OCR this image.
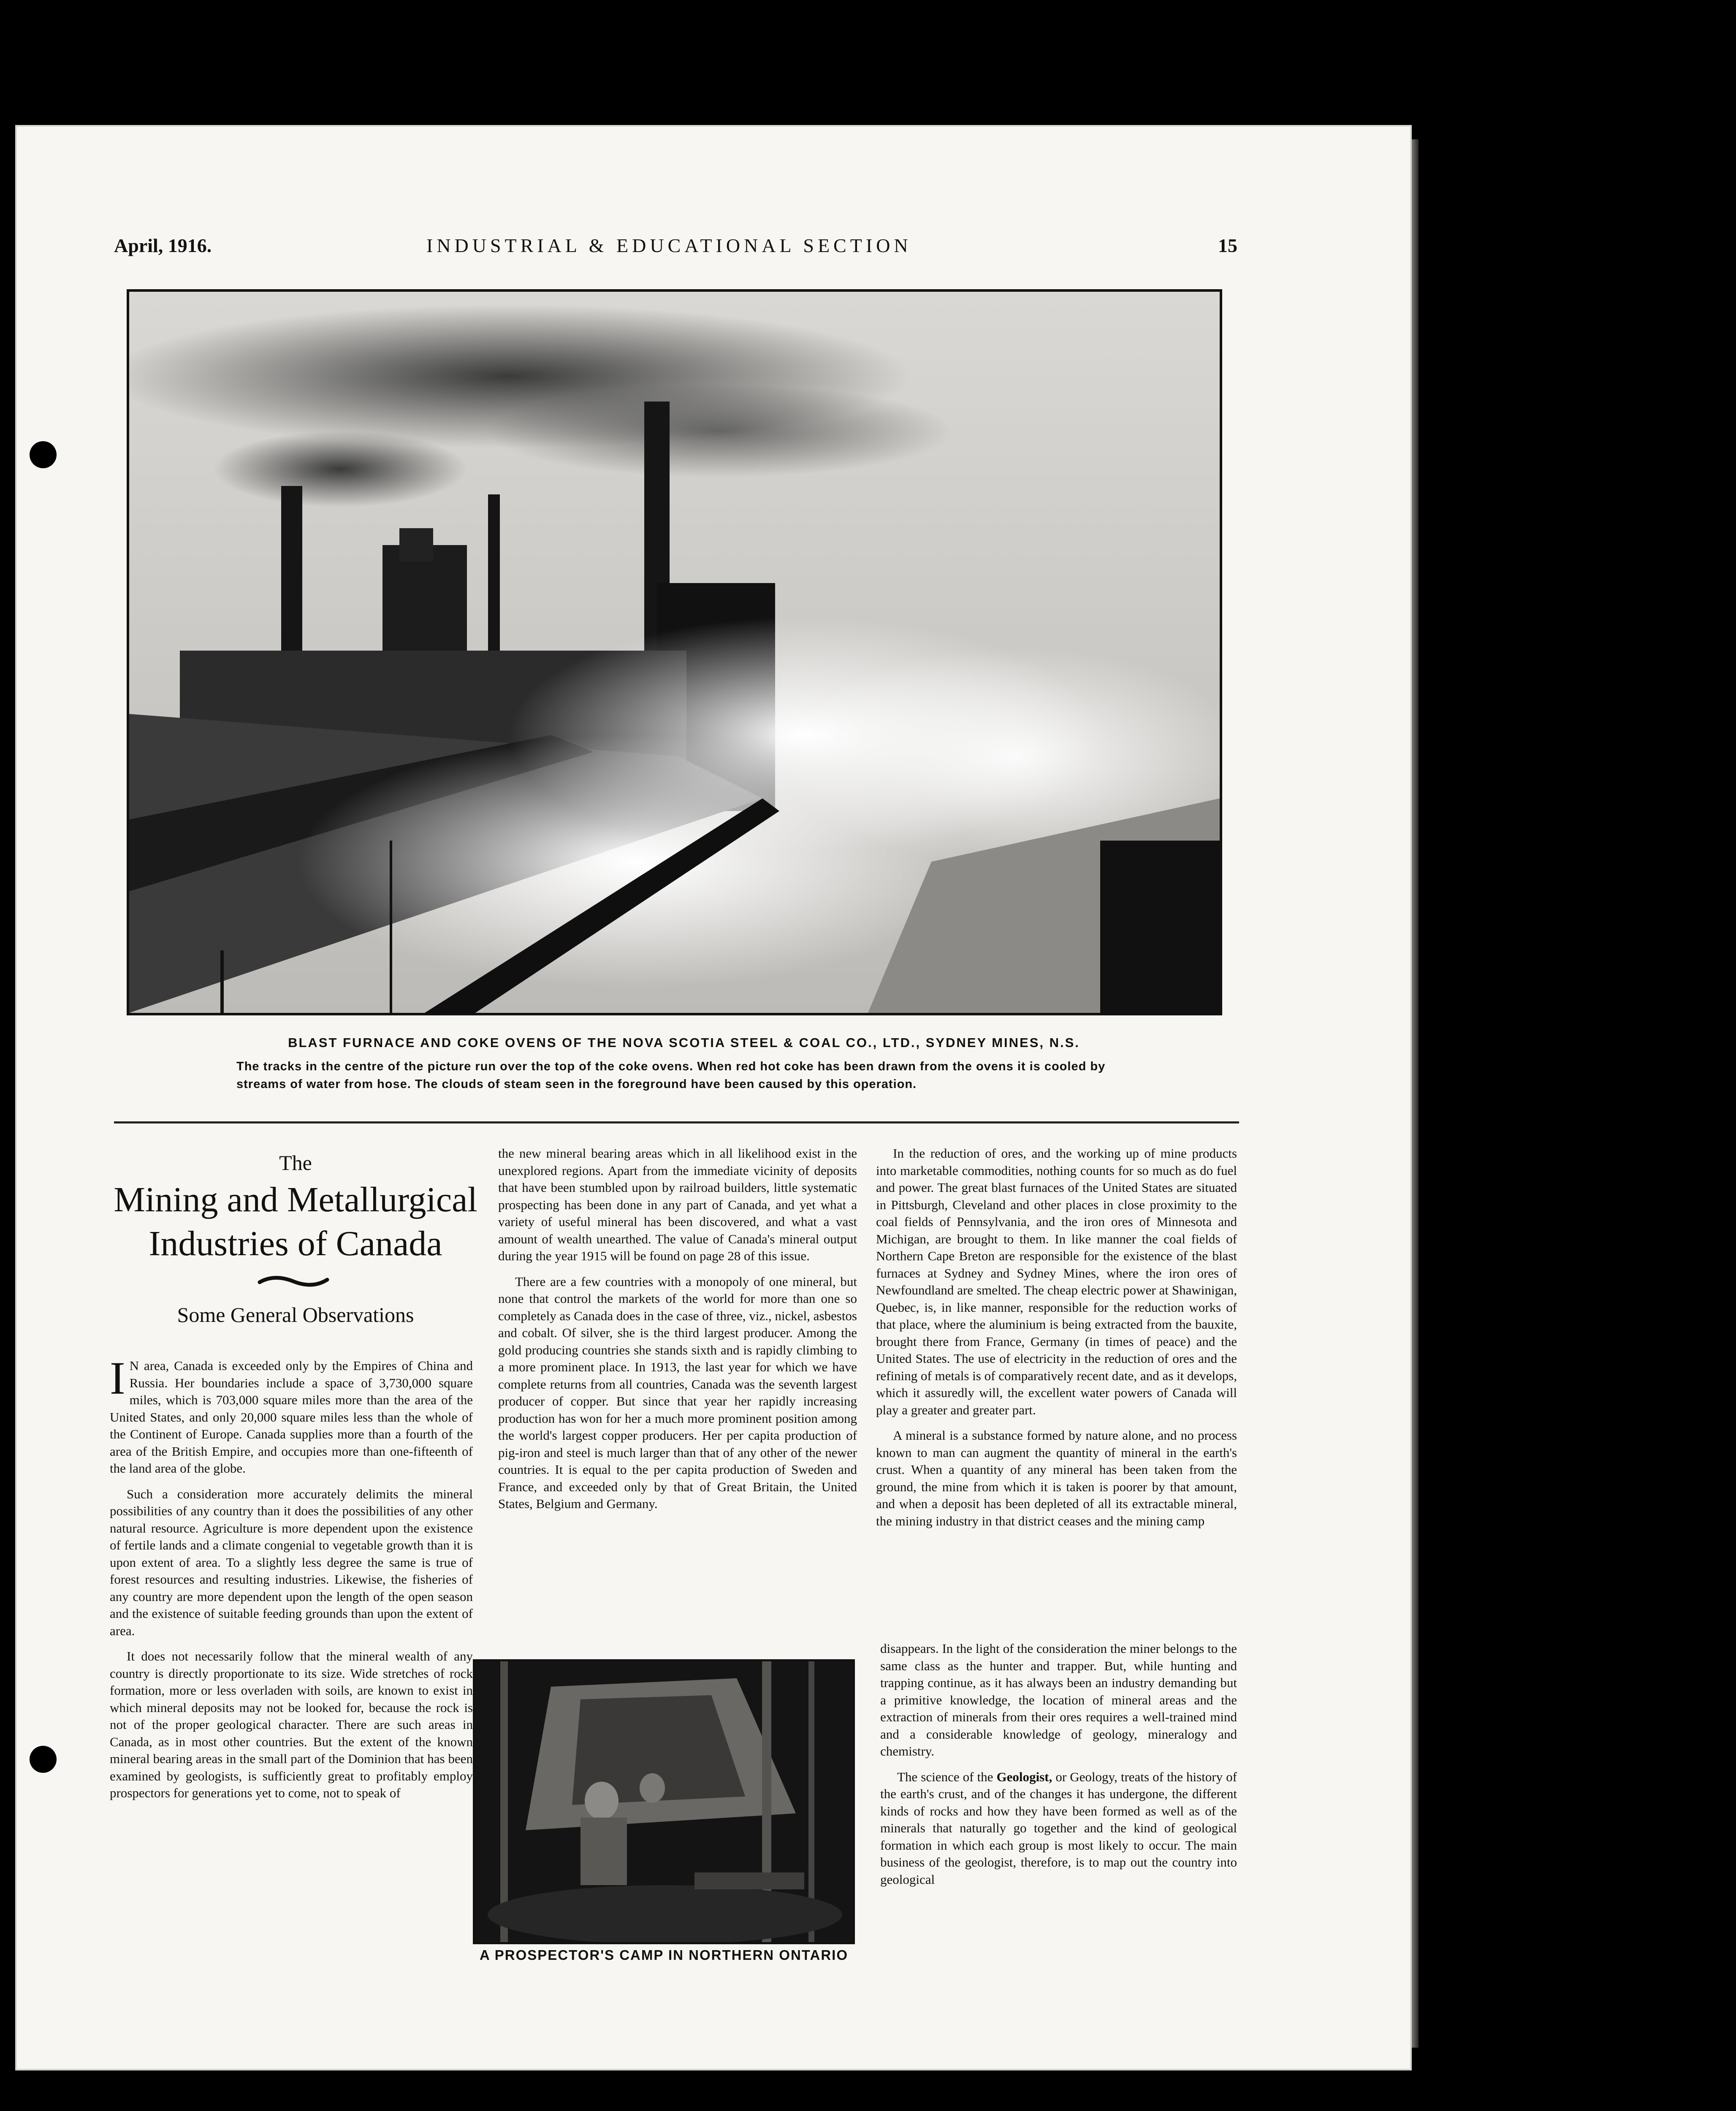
April, 1916.	INDUSTRIAL & EDUCATIONAL SECTION	15
BLAST FURNACE AND COKE OVENS OF THE NOVA SCOTIA STEEL & COAL CO., LTD., SYDNEY MINES, N.S.
The tracks in the centre of the picture run over the top of the coke ovens. When red hot coke has been drawn from the ovens it is cooled by streams of water from hose. The clouds of steam seen in the foreground have been caused by this operation.
The
Mining and Metallurgical
Industries of Canada
Some General Observations

I N area, Canada is exceeded only by the Empires of China and Russia. Her boundaries include a space of 3,730,000 square miles, which is 703,000 square miles more than the area of the United States, and only 20,000 square miles less than the whole of the Continent of Europe. Canada supplies more than a fourth of the area of the British Empire, and occupies more than one-fifteenth of the land area of the globe.

Such a consideration more accurately delimits the mineral possibilities of any country than it does the possibilities of any other natural resource. Agriculture is more dependent upon the existence of fertile lands and a climate congenial to vegetable growth than it is upon extent of area. To a slightly less degree the same is true of forest resources and resulting industries. Likewise, the fisheries of any country are more dependent upon the length of the open season and the existence of suitable feeding grounds than upon the extent of area.

It does not necessarily follow that the mineral wealth of any country is directly proportionate to its size. Wide stretches of rock formation, more or less overladen with soils, are known to exist in which mineral deposits may not be looked for, because the rock is not of the proper geological character. There are such areas in Canada, as in most other countries. But the extent of the known mineral bearing areas in the small part of the Dominion that has been examined by geologists, is sufficiently great to profitably employ prospectors for generations yet to come, not to speak of

the new mineral bearing areas which in all likelihood exist in the unexplored regions. Apart from the immediate vicinity of deposits that have been stumbled upon by railroad builders, little systematic prospecting has been done in any part of Canada, and yet what a variety of useful mineral has been discovered, and what a vast amount of wealth unearthed. The value of Canada's mineral output during the year 1915 will be found on page 28 of this issue.

There are a few countries with a monopoly of one mineral, but none that control the markets of the world for more than one so completely as Canada does in the case of three, viz., nickel, asbestos and cobalt. Of silver, she is the third largest producer. Among the gold producing countries she stands sixth and is rapidly climbing to a more prominent place. In 1913, the last year for which we have complete returns from all countries, Canada was the seventh largest producer of copper. But since that year her rapidly increasing production has won for her a much more prominent position among the world's largest copper producers. Her per capita production of pig-iron and steel is much larger than that of any other of the newer countries. It is equal to the per capita production of Sweden and France, and exceeded only by that of Great Britain, the United States, Belgium and Germany.

A PROSPECTOR'S CAMP IN NORTHERN ONTARIO

In the reduction of ores, and the working up of mine products into marketable commodities, nothing counts for so much as do fuel and power. The great blast furnaces of the United States are situated in Pittsburgh, Cleveland and other places in close proximity to the coal fields of Pennsylvania, and the iron ores of Minnesota and Michigan, are brought to them. In like manner the coal fields of Northern Cape Breton are responsible for the existence of the blast furnaces at Sydney and Sydney Mines, where the iron ores of Newfoundland are smelted. The cheap electric power at Shawinigan, Quebec, is, in like manner, responsible for the reduction works of that place, where the aluminium is being extracted from the bauxite, brought there from France, Germany (in times of peace) and the United States. The use of electricity in the reduction of ores and the refining of metals is of comparatively recent date, and as it develops, which it assuredly will, the excellent water powers of Canada will play a greater and greater part.

A mineral is a substance formed by nature alone, and no process known to man can augment the quantity of mineral in the earth's crust. When a quantity of any mineral has been taken from the ground, the mine from which it is taken is poorer by that amount, and when a deposit has been depleted of all its extractable mineral, the mining industry in that district ceases and the mining camp

disappears. In the light of the consideration the miner belongs to the same class as the hunter and trapper. But, while hunting and trapping continue, as it has always been an industry demanding but a primitive knowledge, the location of mineral areas and the extraction of minerals from their ores requires a well-trained mind and a considerable knowledge of geology, mineralogy and chemistry.

The science of the Geologist, or Geology, treats of the history of the earth's crust, and of the changes it has undergone, the different kinds of rocks and how they have been formed as well as of the minerals that naturally go together and the kind of geological formation in which each group is most likely to occur. The main business of the geologist, therefore, is to map out the country into geological
